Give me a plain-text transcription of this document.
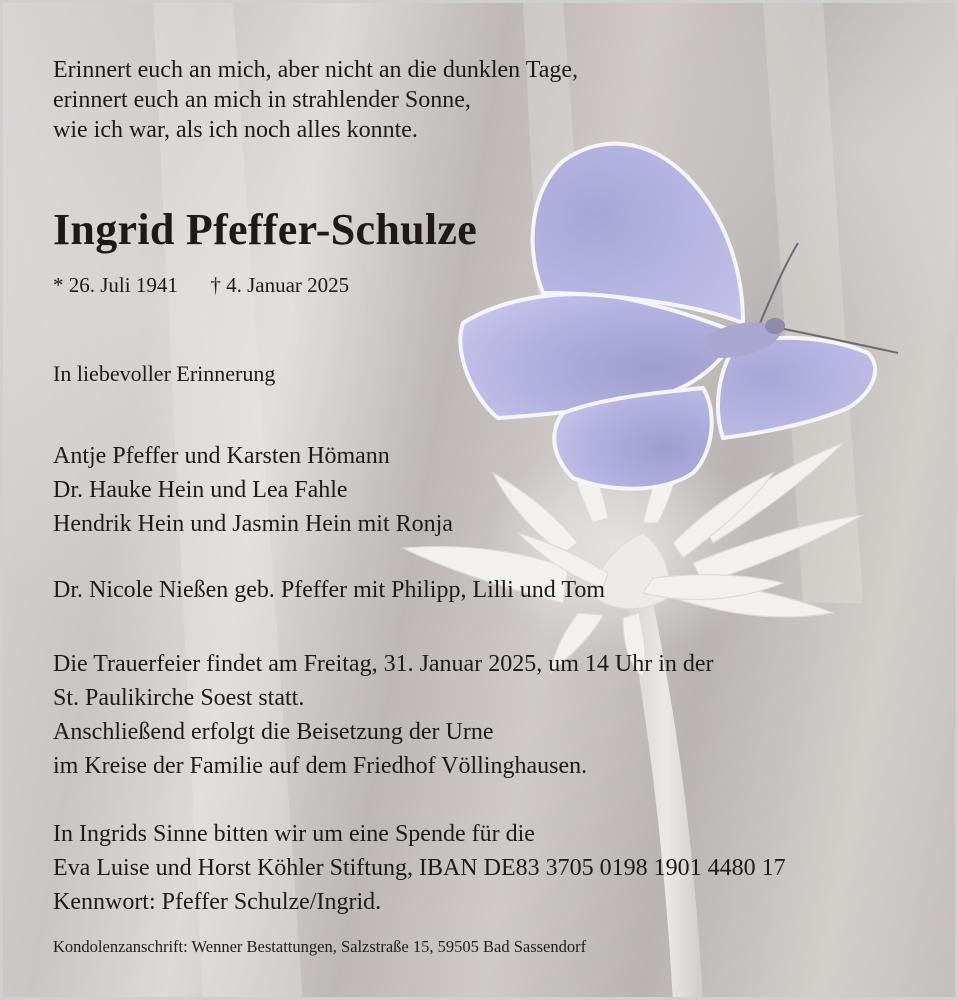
Erinnert euch an mich, aber nicht an die dunklen Tage,
erinnert euch an mich in strahlender Sonne,
wie ich war, als ich noch alles konnte.
Ingrid Pfeffer-Schulze
* 26. Juli 1941 † 4. Januar 2025
In liebevoller Erinnerung
Antje Pfeffer und Karsten Hömann
Dr. Hauke Hein und Lea Fahle
Hendrik Hein und Jasmin Hein mit Ronja
Dr. Nicole Nießen geb. Pfeffer mit Philipp, Lilli und Tom
Die Trauerfeier findet am Freitag, 31. Januar 2025, um 14 Uhr in der
St. Paulikirche Soest statt.
Anschließend erfolgt die Beisetzung der Urne
im Kreise der Familie auf dem Friedhof Völlinghausen.
In Ingrids Sinne bitten wir um eine Spende für die
Eva Luise und Horst Köhler Stiftung, IBAN DE83 3705 0198 1901 4480 17
Kennwort: Pfeffer Schulze/Ingrid.
Kondolenzanschrift: Wenner Bestattungen, Salzstraße 15, 59505 Bad Sassendorf
